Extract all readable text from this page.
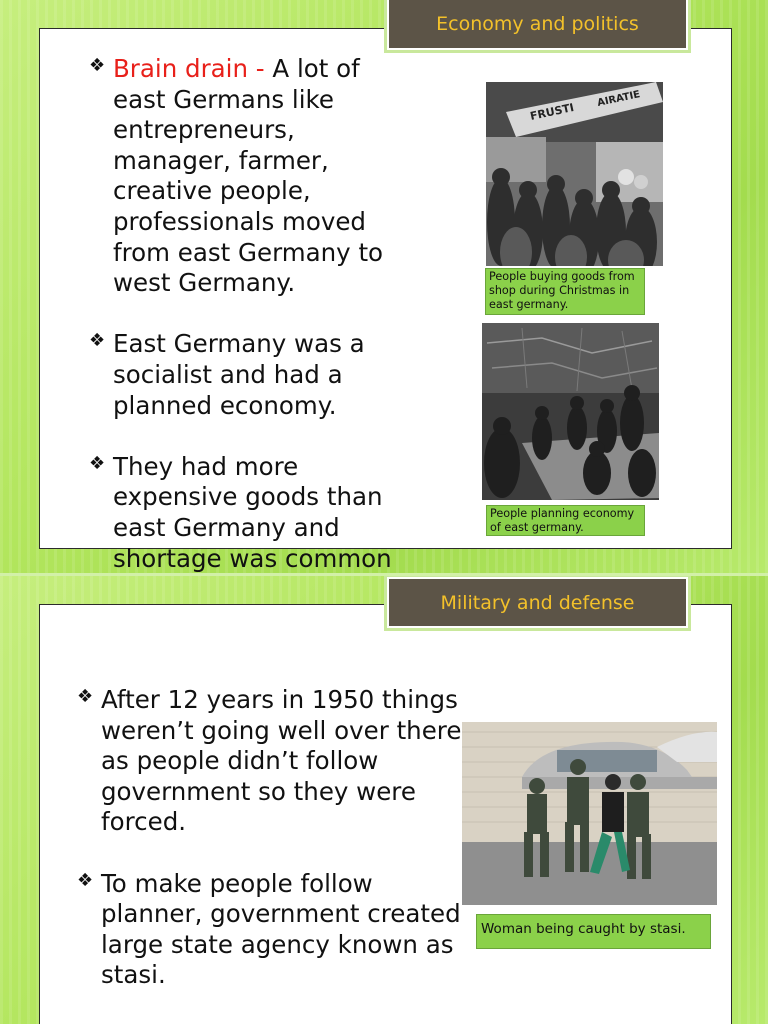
Economy and politics

❖ Brain drain - A lot of east Germans like entrepreneurs, manager, farmer, creative people, professionals moved from east Germany to west Germany.

❖ East Germany was a socialist and had a planned economy.

❖ They had more expensive goods than east Germany and shortage was common

FRUSTI
AIRATIE
People buying goods from shop during Christmas in east germany.
People planning economy of east germany.
Military and defense

❖ After 12 years in 1950 things weren’t going well over there as people didn’t follow government so they were forced.

❖ To make people follow planner, government created large state agency known as stasi.

Woman being caught by stasi.
